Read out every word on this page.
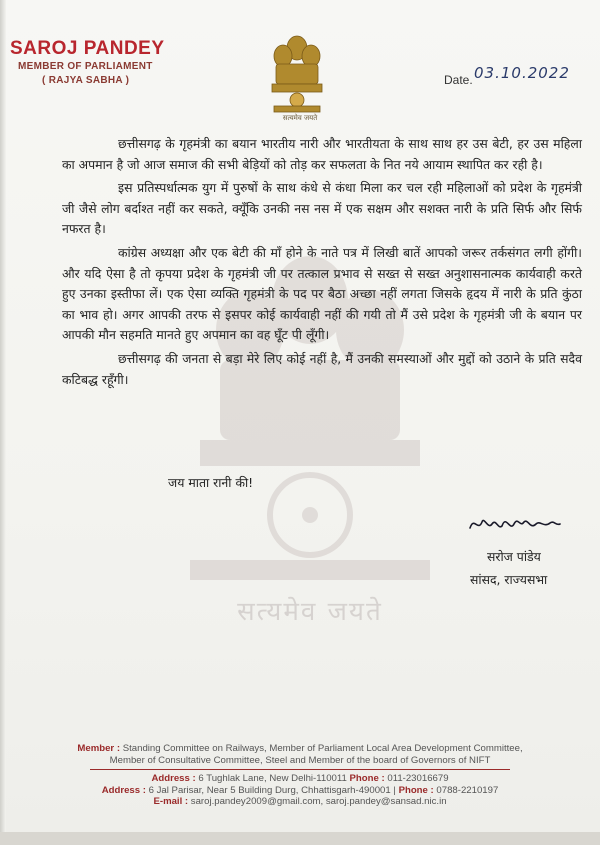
सत्यमेव जयते
SAROJ PANDEY
MEMBER OF PARLIAMENT
( RAJYA SABHA )
सत्यमेव जयते
Date. 03.10.2022

छत्तीसगढ़ के गृहमंत्री का बयान भारतीय नारी और भारतीयता के साथ साथ हर उस बेटी, हर उस महिला का अपमान है जो आज समाज की सभी बेड़ियों को तोड़ कर सफलता के नित नये आयाम स्थापित कर रही है।

इस प्रतिस्पर्धात्मक युग में पुरुषों के साथ कंधे से कंधा मिला कर चल रही महिलाओं को प्रदेश के गृहमंत्री जी जैसे लोग बर्दाश्त नहीं कर सकते, क्यूँकि उनकी नस नस में एक सक्षम और सशक्त नारी के प्रति सिर्फ और सिर्फ नफरत है।

कांग्रेस अध्यक्षा और एक बेटी की माँ होने के नाते पत्र में लिखी बातें आपको जरूर तर्कसंगत लगी होंगी। और यदि ऐसा है तो कृपया प्रदेश के गृहमंत्री जी पर तत्काल प्रभाव से सख्त से सख्त अनुशासनात्मक कार्यवाही करते हुए उनका इस्तीफा लें। एक ऐसा व्यक्ति गृहमंत्री के पद पर बैठा अच्छा नहीं लगता जिसके हृदय में नारी के प्रति कुंठा का भाव हो। अगर आपकी तरफ से इसपर कोई कार्यवाही नहीं की गयी तो मैं उसे प्रदेश के गृहमंत्री जी के बयान पर आपकी मौन सहमति मानते हुए अपमान का वह घूँट पी लूँगी।

छत्तीसगढ़ की जनता से बड़ा मेरे लिए कोई नहीं है, मैं उनकी समस्याओं और मुद्दों को उठाने के प्रति सदैव कटिबद्ध रहूँगी।

जय माता रानी की!
सरोज पांडेय
सांसद, राज्यसभा
Member : Standing Committee on Railways, Member of Parliament Local Area Development Committee,
Member of Consultative Committee, Steel and Member of the board of Governors of NIFT
Address : 6 Tughlak Lane, New Delhi-110011 Phone : 011-23016679
Address : 6 Jal Parisar, Near 5 Building Durg, Chhattisgarh-490001 | Phone : 0788-2210197
E-mail : saroj.pandey2009@gmail.com, saroj.pandey@sansad.nic.in
